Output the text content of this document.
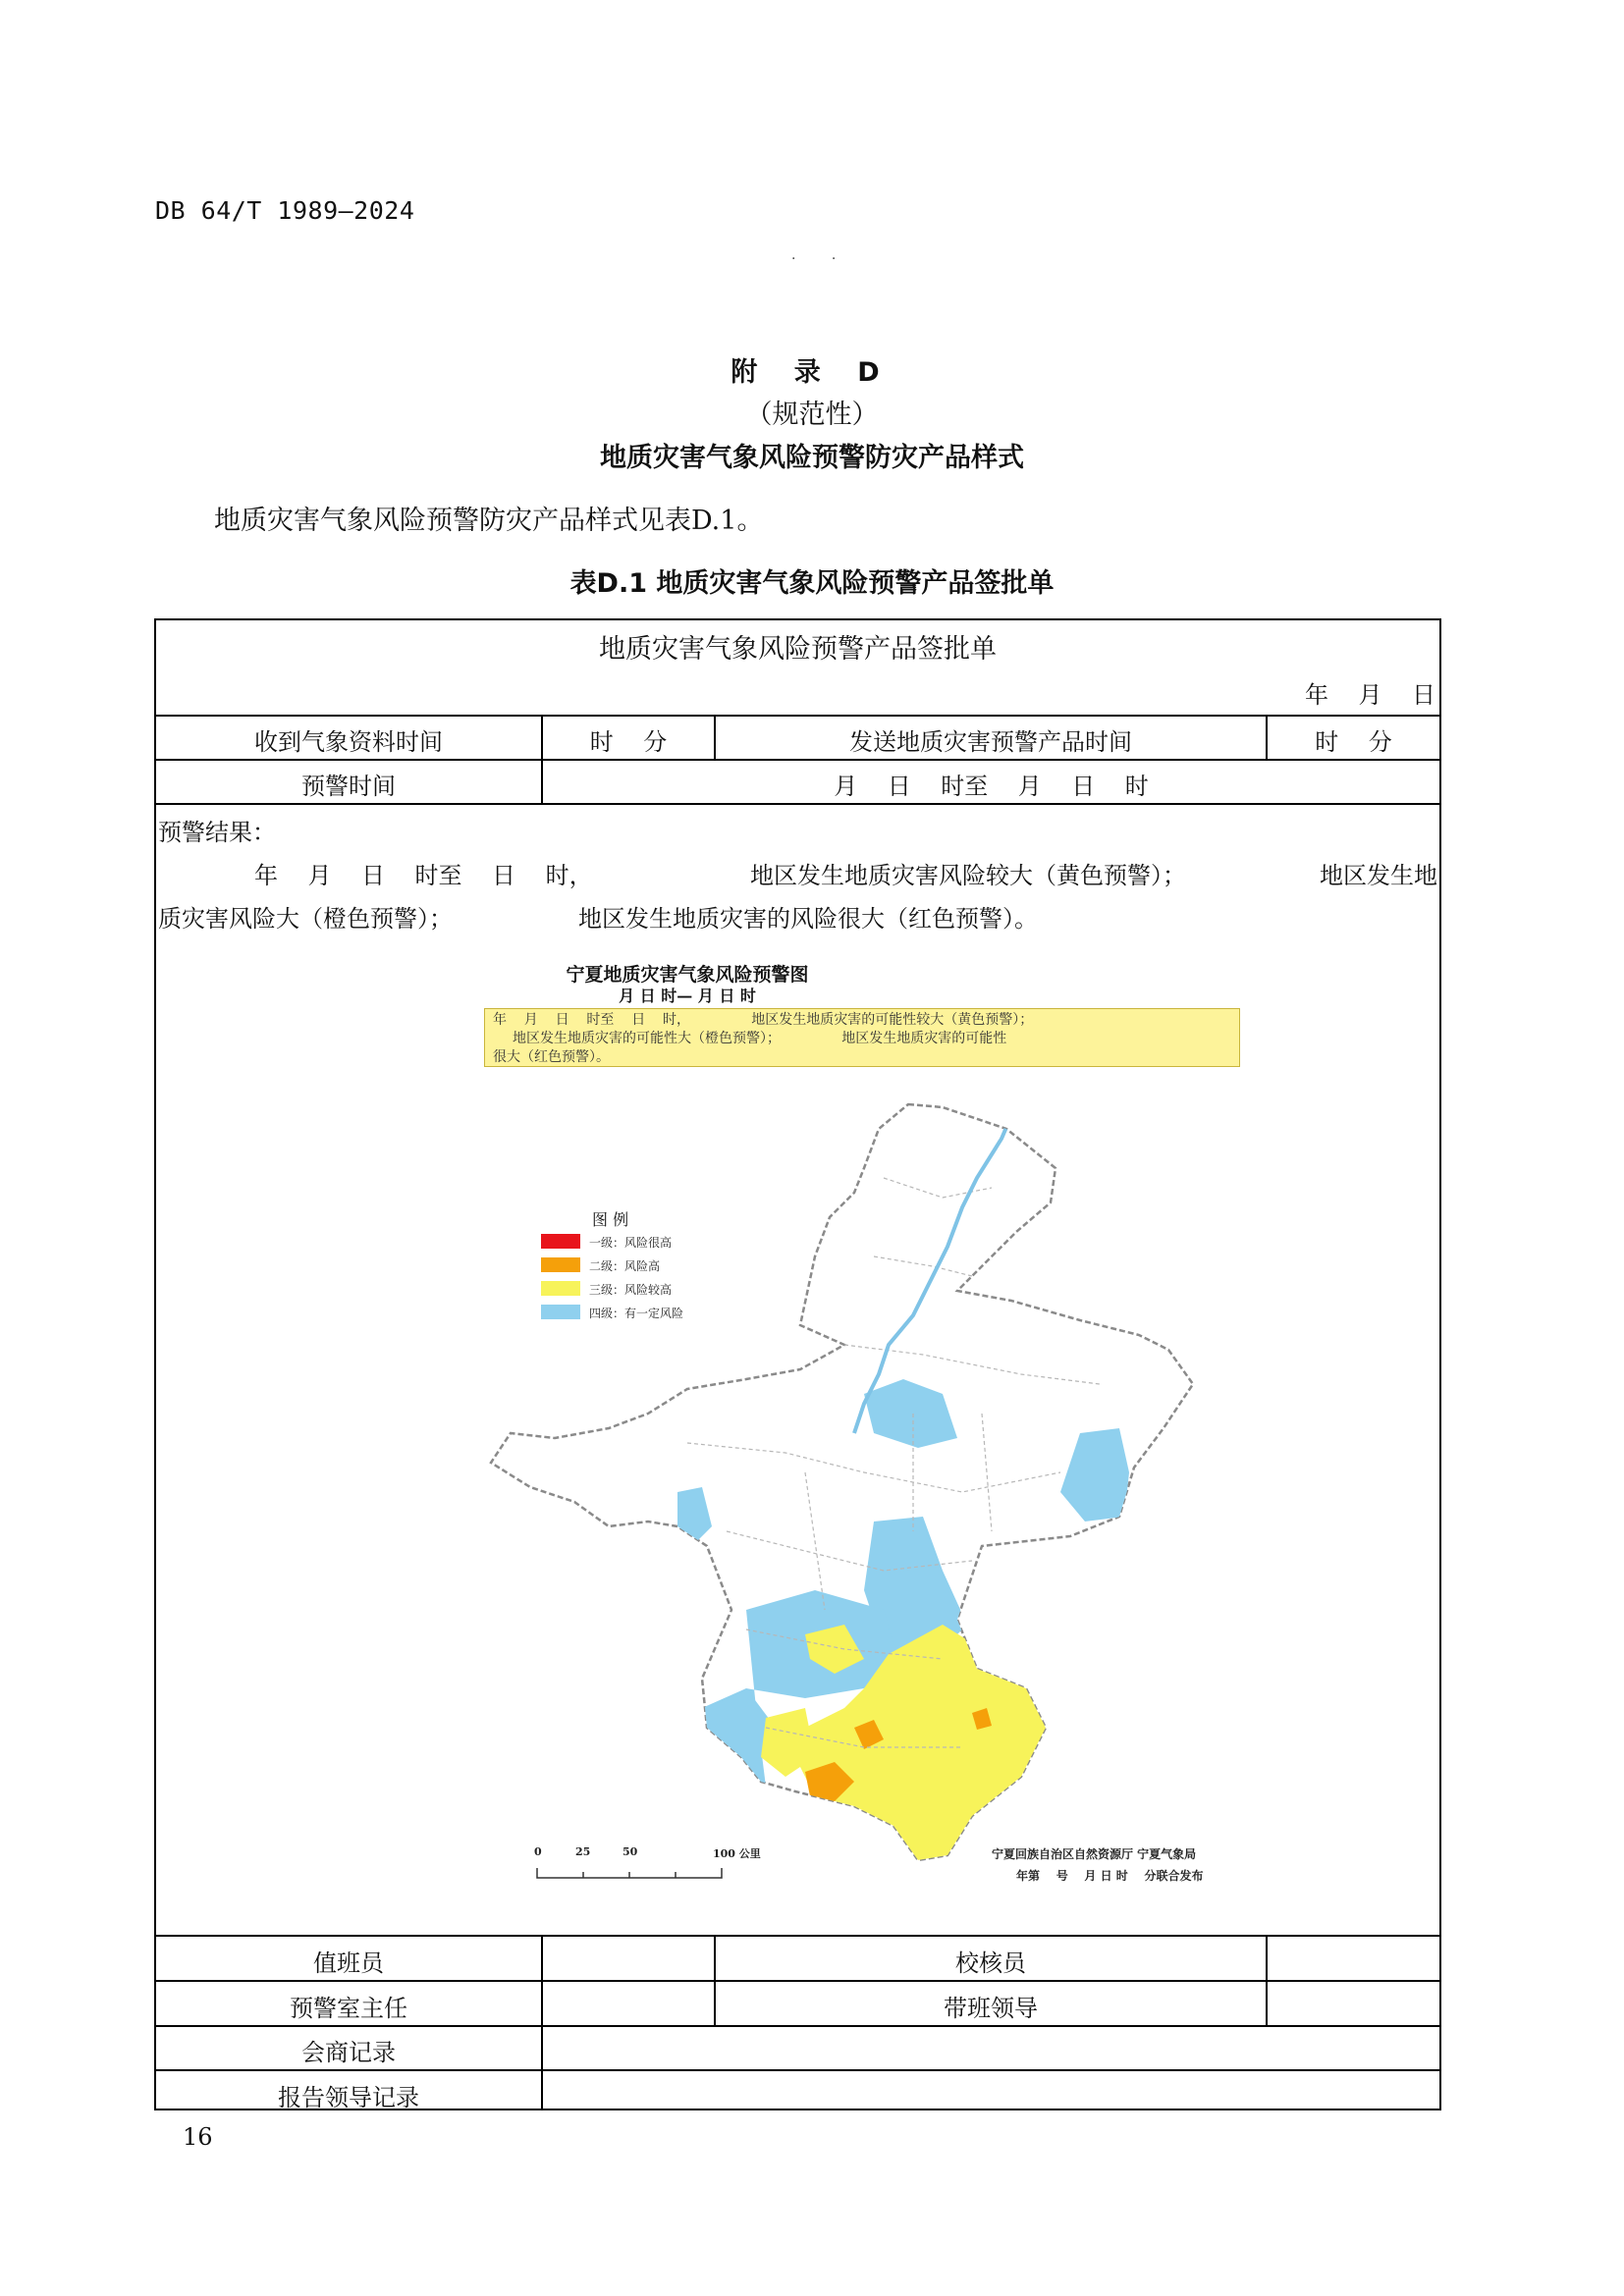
DB 64/T 1989—2024
· ·
附 录 D
（规范性）
地质灾害气象风险预警防灾产品样式
地质灾害气象风险预警防灾产品样式见表D.1。
表D.1 地质灾害气象风险预警产品签批单
地质灾害气象风险预警产品签批单
年    月    日
收到气象资料时间	时    分	发送地质灾害预警产品时间	时    分
预警时间	月    日    时至    月    日    时
预警结果：
年    月    日    时至    日    时，	地区发生地质灾害风险较大（黄色预警）；	地区发生地
质灾害风险大（橙色预警）；	地区发生地质灾害的风险很大（红色预警）。
值班员	校核员
预警室主任	带班领导
会商记录
报告领导记录
宁夏地质灾害气象风险预警图
月 日 时— 月 日 时
年    月    日    时至    日    时，              地区发生地质灾害的可能性较大（黄色预警）；
地区发生地质灾害的可能性大（橙色预警）；              地区发生地质灾害的可能性
很大（红色预警）。
图 例
一级：风险很高
二级：风险高
三级：风险较高
四级：有一定风险
0	25	50	100 公里	宁夏回族自治区自然资源厅 宁夏气象局
年第    号    月 日 时    分联合发布
16
